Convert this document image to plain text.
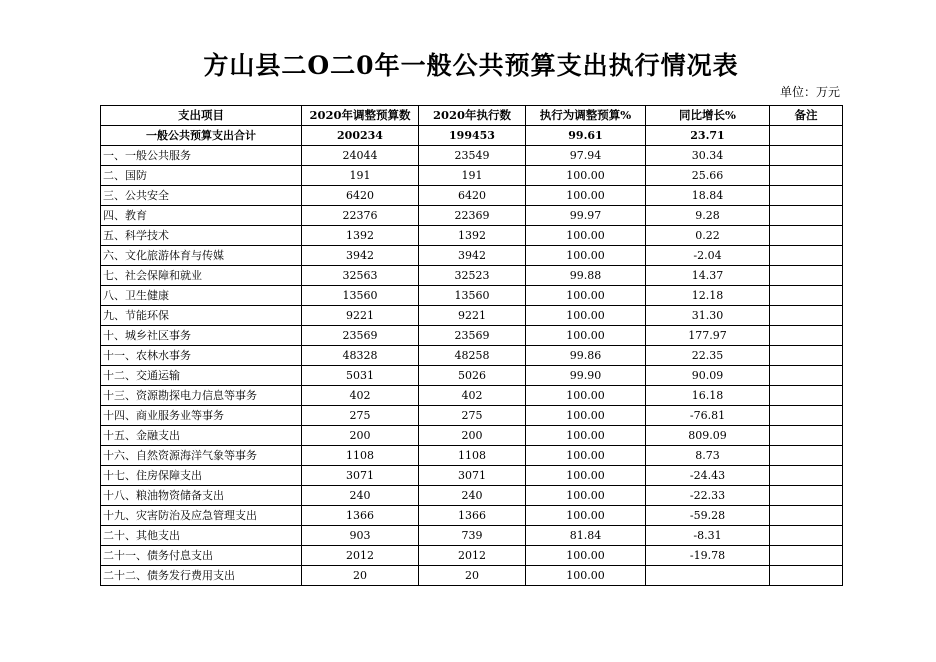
方山县二O二0年一般公共预算支出执行情况表
单位：万元
支出项目	2020年调整预算数	2020年执行数	执行为调整预算%	同比增长%	备注
一般公共预算支出合计	200234	199453	99.61	23.71	
一、一般公共服务	24044	23549	97.94	30.34	
二、国防	191	191	100.00	25.66	
三、公共安全	6420	6420	100.00	18.84	
四、教育	22376	22369	99.97	9.28	
五、科学技术	1392	1392	100.00	0.22	
六、文化旅游体育与传媒	3942	3942	100.00	-2.04	
七、社会保障和就业	32563	32523	99.88	14.37	
八、卫生健康	13560	13560	100.00	12.18	
九、节能环保	9221	9221	100.00	31.30	
十、城乡社区事务	23569	23569	100.00	177.97	
十一、农林水事务	48328	48258	99.86	22.35	
十二、交通运输	5031	5026	99.90	90.09	
十三、资源勘探电力信息等事务	402	402	100.00	16.18	
十四、商业服务业等事务	275	275	100.00	-76.81	
十五、金融支出	200	200	100.00	809.09	
十六、自然资源海洋气象等事务	1108	1108	100.00	8.73	
十七、住房保障支出	3071	3071	100.00	-24.43	
十八、粮油物资储备支出	240	240	100.00	-22.33	
十九、灾害防治及应急管理支出	1366	1366	100.00	-59.28	
二十、其他支出	903	739	81.84	-8.31	
二十一、债务付息支出	2012	2012	100.00	-19.78	
二十二、债务发行费用支出	20	20	100.00		
